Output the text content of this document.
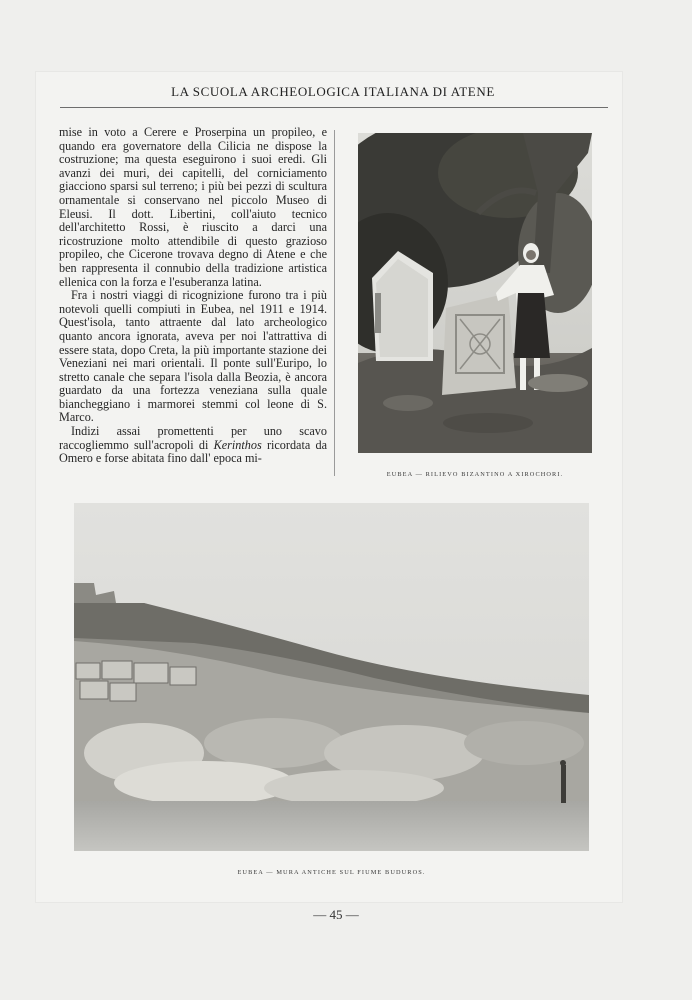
LA SCUOLA ARCHEOLOGICA ITALIANA DI ATENE

mise in voto a Cerere e Proserpina un propileo, e quando era governatore della Cilicia ne dispose la costruzione; ma questa eseguirono i suoi eredi. Gli avanzi dei muri, dei capitelli, del corniciamento giacciono sparsi sul terreno; i più bei pezzi di scultura ornamentale si conservano nel piccolo Museo di Eleusi. Il dott. Libertini, coll'aiuto tecnico dell'architetto Rossi, è riuscito a darci una ricostruzione molto attendibile di questo grazioso propileo, che Cicerone trovava degno di Atene e che ben rappresenta il connubio della tradizione artistica ellenica con la forza e l'esuberanza latina.

Fra i nostri viaggi di ricognizione furono tra i più notevoli quelli compiuti in Eubea, nel 1911 e 1914. Quest'isola, tanto attraente dal lato archeologico quanto ancora ignorata, aveva per noi l'attrattiva di essere stata, dopo Creta, la più importante stazione dei Veneziani nei mari orientali. Il ponte sull'Euripo, lo stretto canale che separa l'isola dalla Beozia, è ancora guardato da una fortezza veneziana sulla quale biancheggiano i marmorei stemmi col leone di S. Marco.

Indizi assai promettenti per uno scavo raccogliemmo sull'acropoli di Kerinthos ricordata da Omero e forse abitata fino dall' epoca mi-

EUBEA — RILIEVO BIZANTINO A XIROCHORI.
EUBEA — MURA ANTICHE SUL FIUME BUDUROS.
— 45 —
